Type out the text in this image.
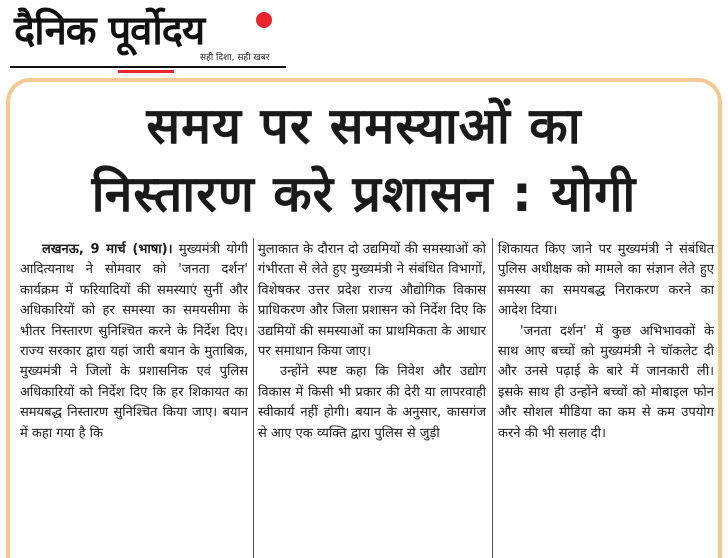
दैनिक पूर्वोदय
सही दिशा, सही खबर
समय पर समस्याओं का
निस्तारण करे प्रशासन : योगी

लखनऊ, 9 मार्च (भाषा)। मुख्यमंत्री योगी आदित्यनाथ ने सोमवार को 'जनता दर्शन' कार्यक्रम में फरियादियों की समस्याएं सुनीं और अधिकारियों को हर समस्या का समयसीमा के भीतर निस्तारण सुनिश्चित करने के निर्देश दिए। राज्य सरकार द्वारा यहां जारी बयान के मुताबिक, मुख्यमंत्री ने जिलों के प्रशासनिक एवं पुलिस अधिकारियों को निर्देश दिए कि हर शिकायत का समयबद्ध निस्तारण सुनिश्चित किया जाए। बयान में कहा गया है कि

मुलाकात के दौरान दो उद्यमियों की समस्याओं को गंभीरता से लेते हुए मुख्यमंत्री ने संबंधित विभागों, विशेषकर उत्तर प्रदेश राज्य औद्योगिक विकास प्राधिकरण और जिला प्रशासन को निर्देश दिए कि उद्यमियों की समस्याओं का प्राथमिकता के आधार पर समाधान किया जाए।

उन्होंने स्पष्ट कहा कि निवेश और उद्योग विकास में किसी भी प्रकार की देरी या लापरवाही स्वीकार्य नहीं होगी। बयान के अनुसार, कासगंज से आए एक व्यक्ति द्वारा पुलिस से जुड़ी

शिकायत किए जाने पर मुख्यमंत्री ने संबंधित पुलिस अधीक्षक को मामले का संज्ञान लेते हुए समस्या का समयबद्ध निराकरण करने का आदेश दिया।

'जनता दर्शन' में कुछ अभिभावकों के साथ आए बच्चों को मुख्यमंत्री ने चॉकलेट दी और उनसे पढ़ाई के बारे में जानकारी ली। इसके साथ ही उन्होंने बच्चों को मोबाइल फोन और सोशल मीडिया का कम से कम उपयोग करने की भी सलाह दी।
